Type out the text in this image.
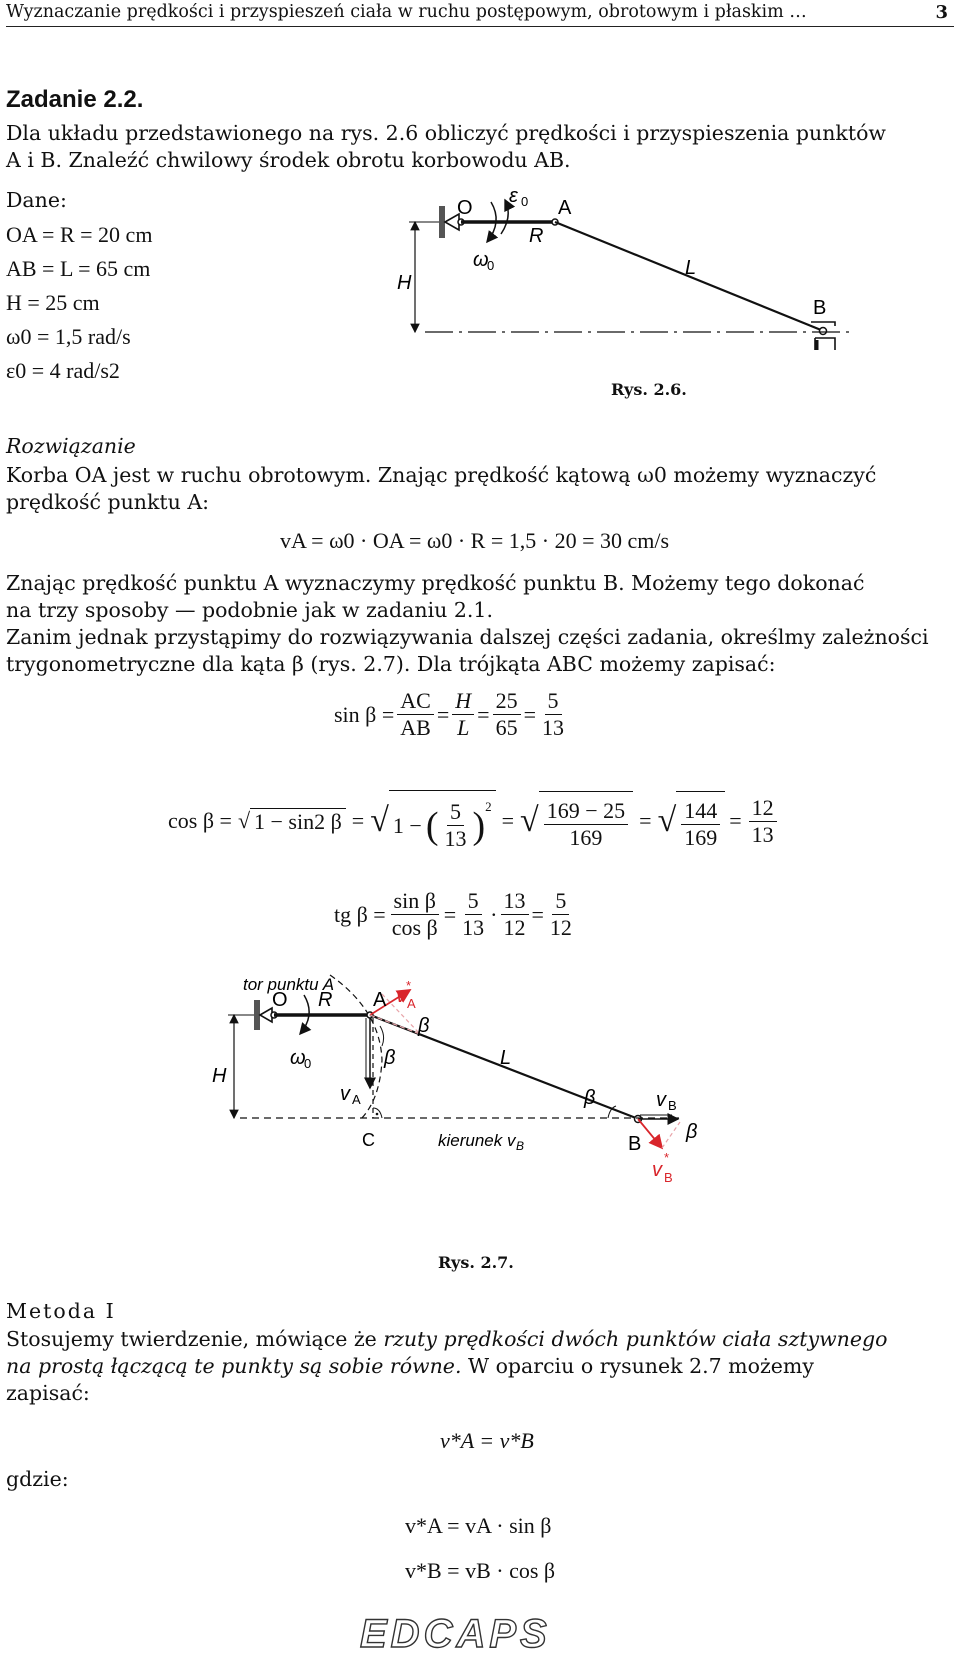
Wyznaczanie prędkości i przyspieszeń ciała w ruchu postępowym, obrotowym i płaskim …	3
Zadanie 2.2.
Dla układu przedstawionego na rys. 2.6 obliczyć prędkości i przyspieszenia punktów
A i B. Znaleźć chwilowy środek obrotu korbowodu AB.
Dane:
OA = R = 20 cm
AB = L = 65 cm
H = 25 cm
ω0 = 1,5 rad/s
ε0 = 4 rad/s2
O
ε 0 A
R
ω
0	L
H
B
Rys. 2.6.
Rozwiązanie
Korba OA jest w ruchu obrotowym. Znając prędkość kątową ω0 możemy wyznaczyć
prędkość punktu A:
vA = ω0 · OA = ω0 · R = 1,5 · 20 = 30 cm/s
Znając prędkość punktu A wyznaczymy prędkość punktu B. Możemy tego dokonać
na trzy sposoby — podobnie jak w zadaniu 2.1.
Zanim jednak przystąpimy do rozwiązywania dalszej części zadania, określmy zależności
trygonometryczne dla kąta β (rys. 2.7). Dla trójkąta ABC możemy zapisać:
$\sin \beta = \frac{AC}{AB} = \frac{H}{L} = \frac{25}{65} = \frac{5}{13}$
cos β = √ 1 − sin2 β = √ 1 − ( $\frac{5}{13} )^2$
= √ $\frac{169 - 25}{169}$ = √ $\frac{144}{169} = \frac{12}{13}$
tg $\beta = \frac{\text{sin β}}{\text{cos β}} = \frac{5}{13} \cdot \frac{13}{12} = \frac{5}{12}$
tor punktu A
O R A v *
A
β
ω
0	β	L
H
v A	β	v B
C	kierunek v B	B
β
v
*
B
Rys. 2.7.
Metoda I
Stosujemy twierdzenie, mówiące że rzuty prędkości dwóch punktów ciała sztywnego
na prostą łączącą te punkty są sobie równe. W oparciu o rysunek 2.7 możemy
zapisać:
v*A = v*B
gdzie:
v*A = vA · sin β
v*B = vB · cos β
EDCAPS
